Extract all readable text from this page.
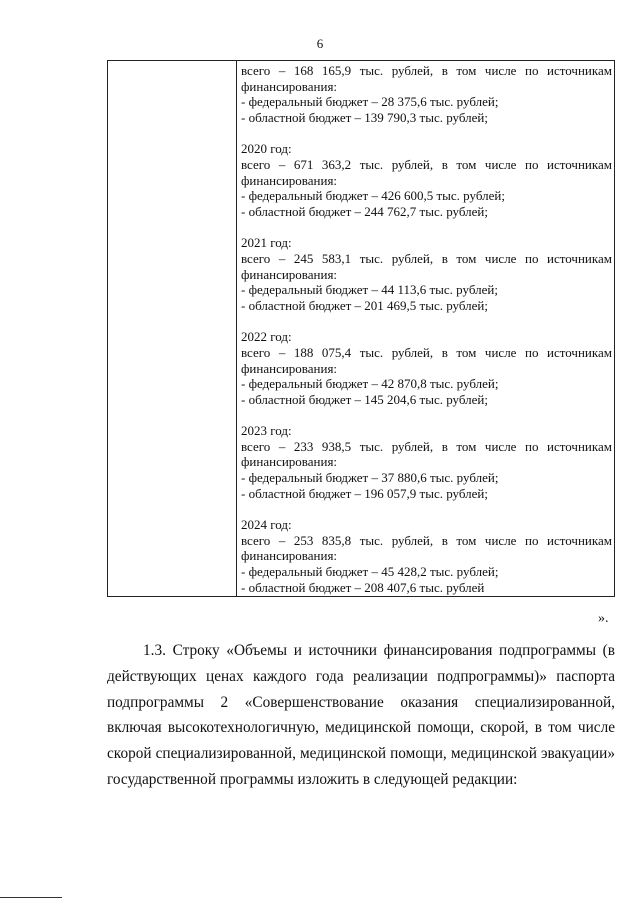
6

всего – 168 165,9 тыс. рублей, в том числе по источникам

финансирования:

- федеральный бюджет – 28 375,6 тыс. рублей;

- областной бюджет – 139 790,3 тыс. рублей;

2020 год:

всего – 671 363,2 тыс. рублей, в том числе по источникам

финансирования:

- федеральный бюджет – 426 600,5 тыс. рублей;

- областной бюджет – 244 762,7 тыс. рублей;

2021 год:

всего – 245 583,1 тыс. рублей, в том числе по источникам

финансирования:

- федеральный бюджет – 44 113,6 тыс. рублей;

- областной бюджет – 201 469,5 тыс. рублей;

2022 год:

всего – 188 075,4 тыс. рублей, в том числе по источникам

финансирования:

- федеральный бюджет – 42 870,8 тыс. рублей;

- областной бюджет – 145 204,6 тыс. рублей;

2023 год:

всего – 233 938,5 тыс. рублей, в том числе по источникам

финансирования:

- федеральный бюджет – 37 880,6 тыс. рублей;

- областной бюджет – 196 057,9 тыс. рублей;

2024 год:

всего – 253 835,8 тыс. рублей, в том числе по источникам

финансирования:

- федеральный бюджет – 45 428,2 тыс. рублей;

- областной бюджет – 208 407,6 тыс. рублей

».
1.3. Строку «Объемы и источники финансирования подпрограммы (в
действующих ценах каждого года реализации подпрограммы)» паспорта
подпрограммы 2 «Совершенствование оказания специализированной,
включая высокотехнологичную, медицинской помощи, скорой, в том числе
скорой специализированной, медицинской помощи, медицинской эвакуации»
государственной программы изложить в следующей редакции:
